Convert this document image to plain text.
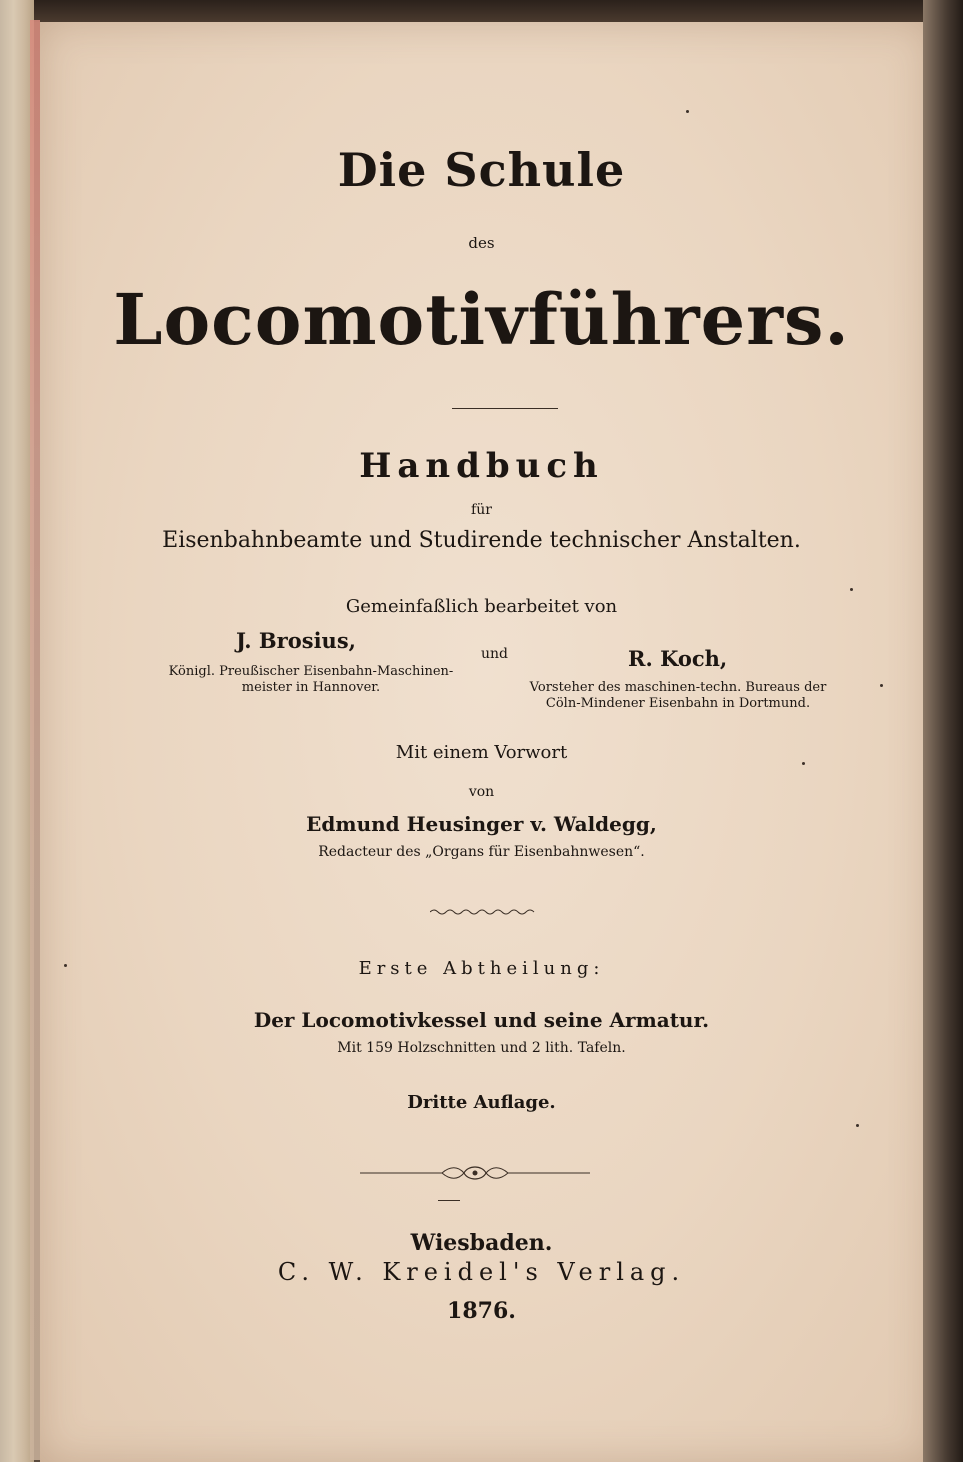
Die Schule
des
Locomotivführers.
Handbuch
für
Eisenbahnbeamte und Studirende technischer Anstalten.
Gemeinfaßlich bearbeitet von
J. Brosius,
und	R. Koch,
Königl. Preußischer Eisenbahn-Maschinen-
meister in Hannover.	Vorsteher des maschinen-techn. Bureaus der
Cöln-Mindener Eisenbahn in Dortmund.
Mit einem Vorwort
von
Edmund Heusinger v. Waldegg,
Redacteur des „Organs für Eisenbahnwesen“.
Erste Abtheilung:
Der Locomotivkessel und seine Armatur.
Mit 159 Holzschnitten und 2 lith. Tafeln.
Dritte Auflage.
Wiesbaden.
C. W. Kreidel's Verlag.
1876.
